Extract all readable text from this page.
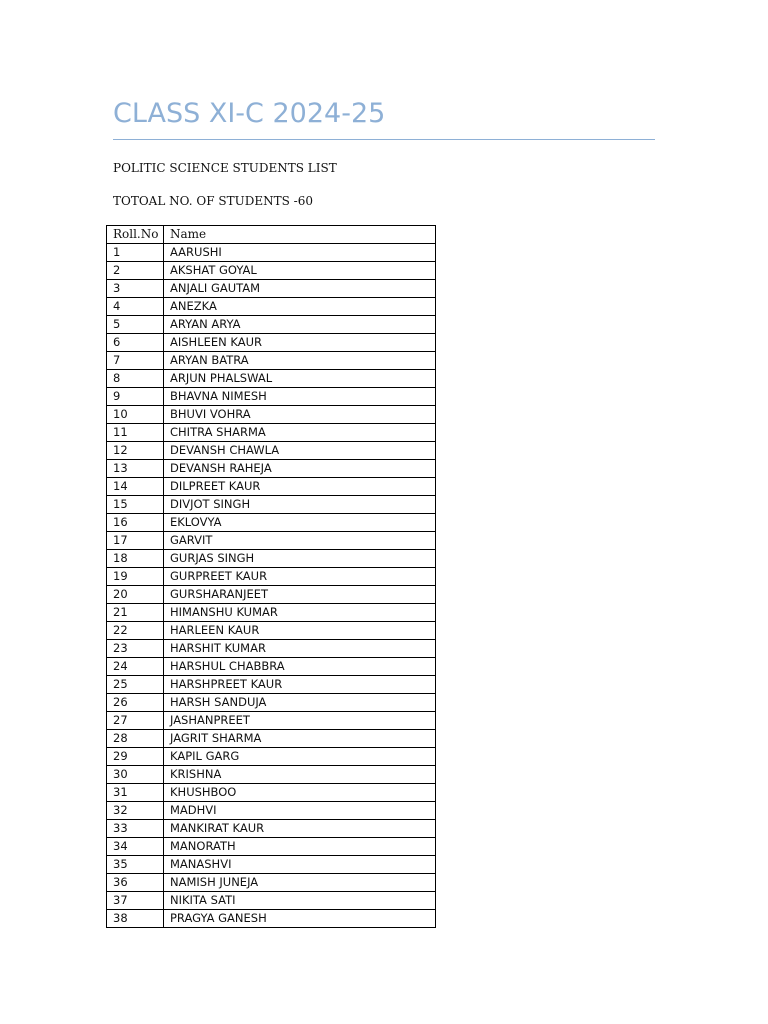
CLASS XI-C 2024-25
POLITIC SCIENCE STUDENTS LIST
TOTOAL NO. OF STUDENTS -60
Roll.No	Name
1	AARUSHI
2	AKSHAT GOYAL
3	ANJALI GAUTAM
4	ANEZKA
5	ARYAN ARYA
6	AISHLEEN KAUR
7	ARYAN BATRA
8	ARJUN PHALSWAL
9	BHAVNA NIMESH
10	BHUVI VOHRA
11	CHITRA SHARMA
12	DEVANSH CHAWLA
13	DEVANSH RAHEJA
14	DILPREET KAUR
15	DIVJOT SINGH
16	EKLOVYA
17	GARVIT
18	GURJAS SINGH
19	GURPREET KAUR
20	GURSHARANJEET
21	HIMANSHU KUMAR
22	HARLEEN KAUR
23	HARSHIT KUMAR
24	HARSHUL CHABBRA
25	HARSHPREET KAUR
26	HARSH SANDUJA
27	JASHANPREET
28	JAGRIT SHARMA
29	KAPIL GARG
30	KRISHNA
31	KHUSHBOO
32	MADHVI
33	MANKIRAT KAUR
34	MANORATH
35	MANASHVI
36	NAMISH JUNEJA
37	NIKITA SATI
38	PRAGYA GANESH
